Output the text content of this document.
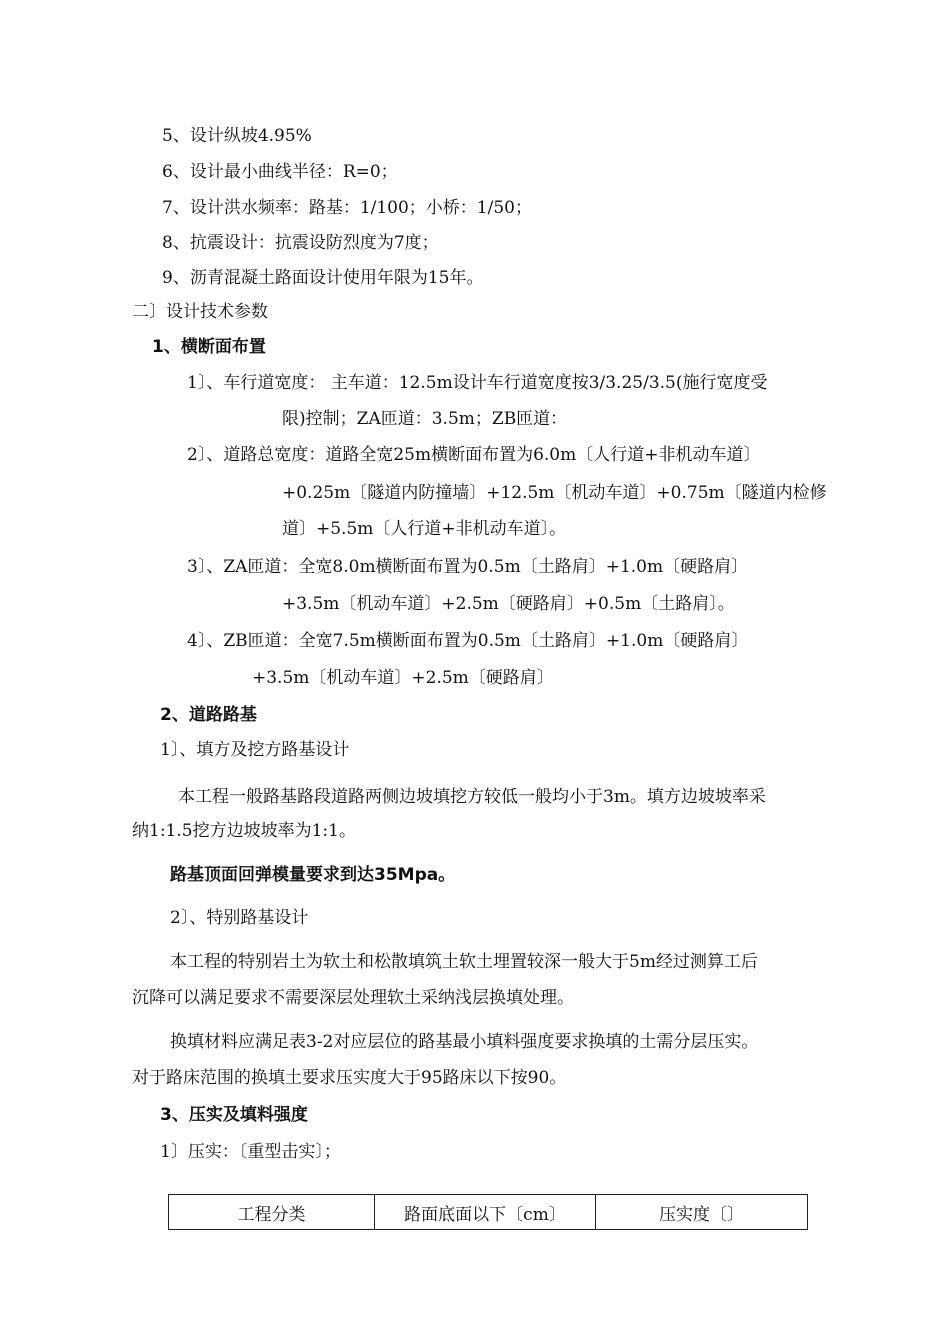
5、设计纵坡4.95%
6、设计最小曲线半径：R=0；
7、设计洪水频率：路基：1/100；小桥：1/50；
8、抗震设计：抗震设防烈度为7度；
9、沥青混凝土路面设计使用年限为15年。
二〕设计技术参数
1、横断面布置
1〕、车行道宽度： 主车道：12.5m设计车行道宽度按3/3.25/3.5(施行宽度受
限)控制；ZA匝道：3.5m；ZB匝道：
2〕、道路总宽度：道路全宽25m横断面布置为6.0m〔人行道+非机动车道〕
+0.25m〔隧道内防撞墙〕+12.5m〔机动车道〕+0.75m〔隧道内检修
道〕+5.5m〔人行道+非机动车道〕。
3〕、ZA匝道：全宽8.0m横断面布置为0.5m〔土路肩〕+1.0m〔硬路肩〕
+3.5m〔机动车道〕+2.5m〔硬路肩〕+0.5m〔土路肩〕。
4〕、ZB匝道：全宽7.5m横断面布置为0.5m〔土路肩〕+1.0m〔硬路肩〕
+3.5m〔机动车道〕+2.5m〔硬路肩〕
2、道路路基
1〕、填方及挖方路基设计
本工程一般路基路段道路两侧边坡填挖方较低一般均小于3m。填方边坡坡率采
纳1:1.5挖方边坡坡率为1:1。
路基顶面回弹模量要求到达35Mpa。
2〕、特别路基设计
本工程的特别岩土为软土和松散填筑土软土埋置较深一般大于5m经过测算工后
沉降可以满足要求不需要深层处理软土采纳浅层换填处理。
换填材料应满足表3-2对应层位的路基最小填料强度要求换填的土需分层压实。
对于路床范围的换填土要求压实度大于95路床以下按90。
3、压实及填料强度
1〕压实：〔重型击实〕；
工程分类	路面底面以下〔cm〕	压实度〔〕
